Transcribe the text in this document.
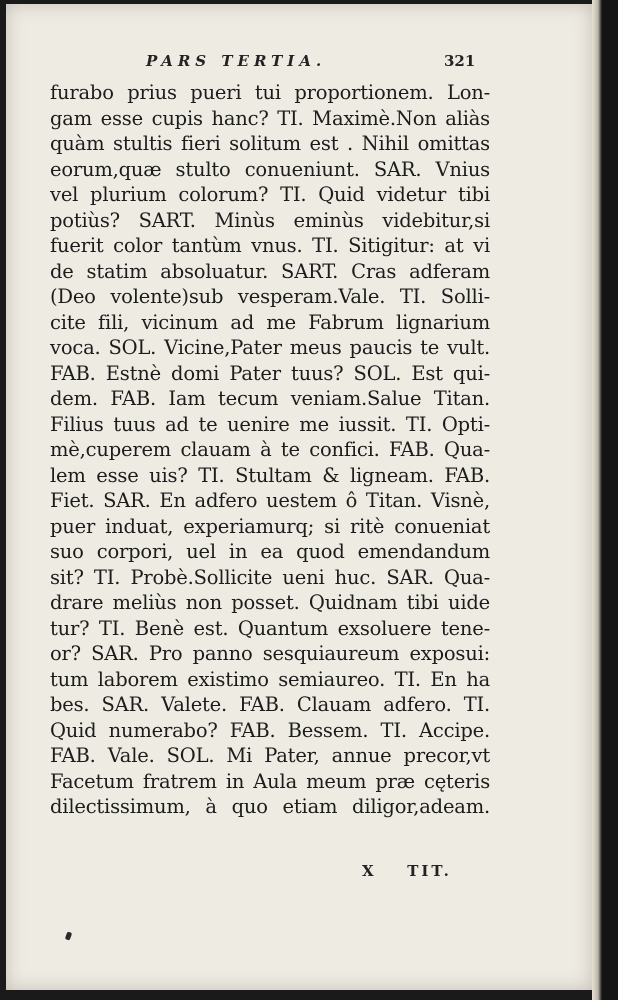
PARS TERTIA.	321
furabo prius pueri tui proportionem. Lon-
gam esse cupis hanc? TI. Maximè.Non aliàs
quàm stultis fieri solitum est . Nihil omittas
eorum,quæ stulto conueniunt. SAR. Vnius
vel plurium colorum? TI. Quid videtur tibi
potiùs? SART. Minùs eminùs videbitur,si
fuerit color tantùm vnus. TI. Sitigitur: at vi
de statim absoluatur. SART. Cras adferam
(Deo volente)sub vesperam.Vale. TI. Solli-
cite fili, vicinum ad me Fabrum lignarium
voca. SOL. Vicine,Pater meus paucis te vult.
FAB. Estnè domi Pater tuus? SOL. Est qui-
dem. FAB. Iam tecum veniam.Salue Titan.
Filius tuus ad te uenire me iussit. TI. Opti-
mè,cuperem clauam à te confici. FAB. Qua-
lem esse uis? TI. Stultam & ligneam. FAB.
Fiet. SAR. En adfero uestem ô Titan. Visnè,
puer induat, experiamurq; si ritè conueniat
suo corpori, uel in ea quod emendandum
sit? TI. Probè.Sollicite ueni huc. SAR. Qua-
drare meliùs non posset. Quidnam tibi uide
tur? TI. Benè est. Quantum exsoluere tene-
or? SAR. Pro panno sesquiaureum exposui:
tum laborem existimo semiaureo. TI. En ha
bes. SAR. Valete. FAB. Clauam adfero. TI.
Quid numerabo? FAB. Bessem. TI. Accipe.
FAB. Vale. SOL. Mi Pater, annue precor,vt
Facetum fratrem in Aula meum præ cęteris
dilectissimum, à quo etiam diligor,adeam.
X TIT.
